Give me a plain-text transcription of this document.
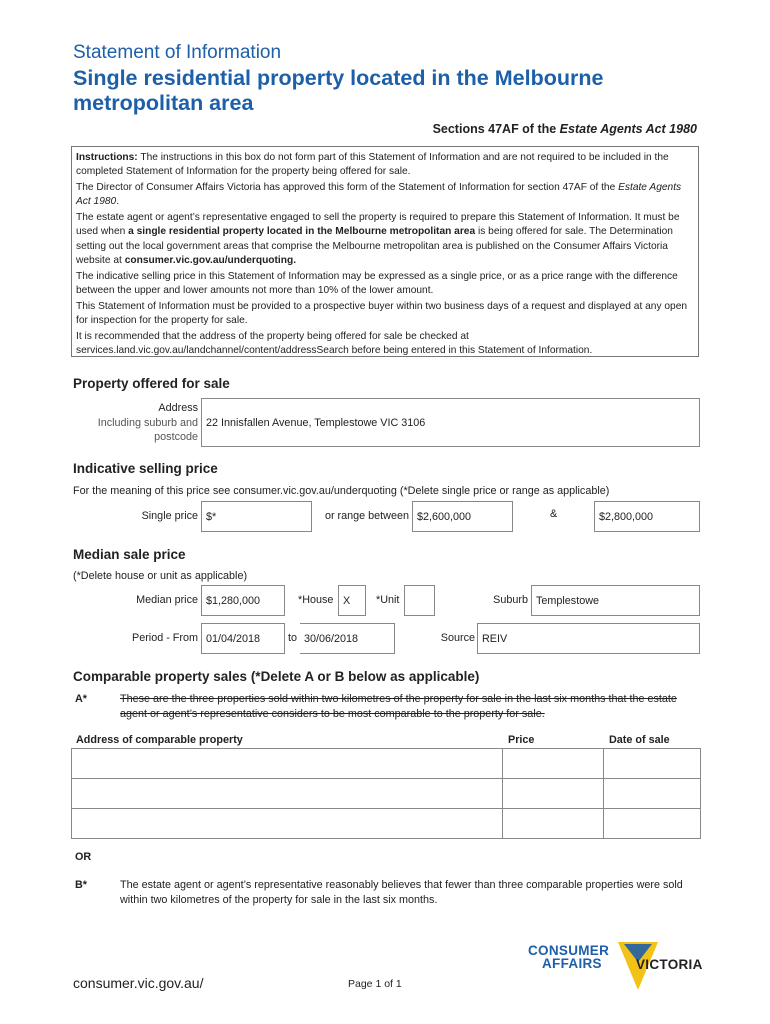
Statement of Information
Single residential property located in the Melbourne metropolitan area
Sections 47AF of the Estate Agents Act 1980

Instructions: The instructions in this box do not form part of this Statement of Information and are not required to be included in the completed Statement of Information for the property being offered for sale.

The Director of Consumer Affairs Victoria has approved this form of the Statement of Information for section 47AF of the Estate Agents Act 1980.

The estate agent or agent’s representative engaged to sell the property is required to prepare this Statement of Information. It must be used when a single residential property located in the Melbourne metropolitan area is being offered for sale. The Determination setting out the local government areas that comprise the Melbourne metropolitan area is published on the Consumer Affairs Victoria website at consumer.vic.gov.au/underquoting.

The indicative selling price in this Statement of Information may be expressed as a single price, or as a price range with the difference between the upper and lower amounts not more than 10% of the lower amount.

This Statement of Information must be provided to a prospective buyer within two business days of a request and displayed at any open for inspection for the property for sale.

It is recommended that the address of the property being offered for sale be checked at services.land.vic.gov.au/landchannel/content/addressSearch before being entered in this Statement of Information.

Property offered for sale
Address
Including suburb and
postcode
22 Innisfallen Avenue, Templestowe VIC 3106
Indicative selling price
For the meaning of this price see consumer.vic.gov.au/underquoting (*Delete single price or range as applicable)
Single price $*	or range between $2,600,000	&	$2,800,000
Median sale price
(*Delete house or unit as applicable)
Median price $1,280,000	*House X *Unit	Suburb Templestowe
Period - From 01/04/2018	to 30/06/2018	Source REIV
Comparable property sales (*Delete A or B below as applicable)
A*	These are the three properties sold within two kilometres of the property for sale in the last six months that the estate agent or agent’s representative considers to be most comparable to the property for sale.
Address of comparable property	Price	Date of sale

OR
B*	The estate agent or agent’s representative reasonably believes that fewer than three comparable properties were sold within two kilometres of the property for sale in the last six months.
consumer.vic.gov.au/	Page 1 of 1
CONSUMER
AFFAIRS	VICTORIA
